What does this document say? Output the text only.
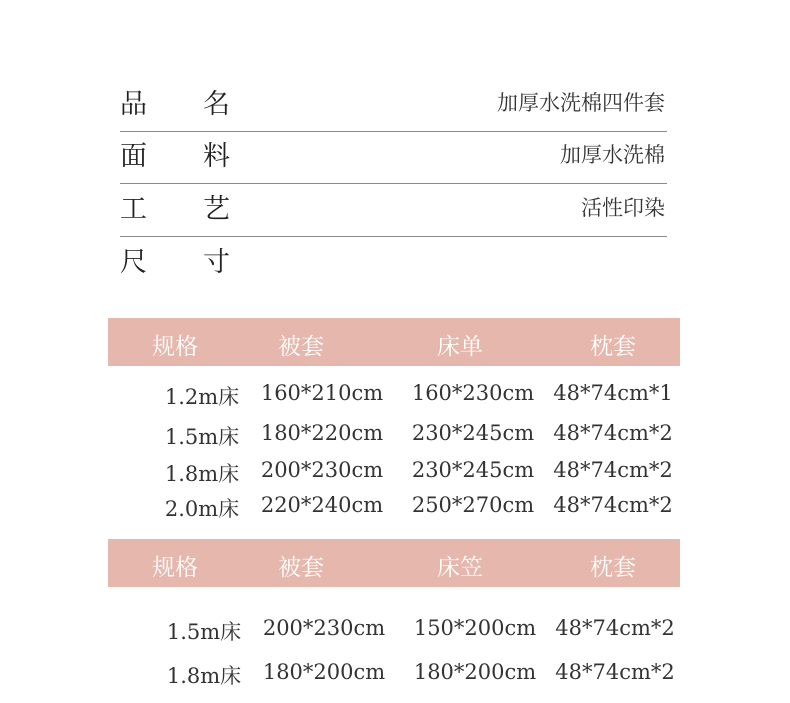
品 名	加厚水洗棉四件套
面 料	加厚水洗棉
工 艺	活性印染
尺 寸
规格	被套	床单	枕套
1.2m床 160*210cm 160*230cm 48*74cm*1
1.5m床 180*220cm 230*245cm 48*74cm*2
1.8m床 200*230cm 230*245cm 48*74cm*2
2.0m床 220*240cm 250*270cm 48*74cm*2
规格	被套	床笠	枕套
1.5m床 200*230cm 150*200cm 48*74cm*2
1.8m床 180*200cm 180*200cm 48*74cm*2
